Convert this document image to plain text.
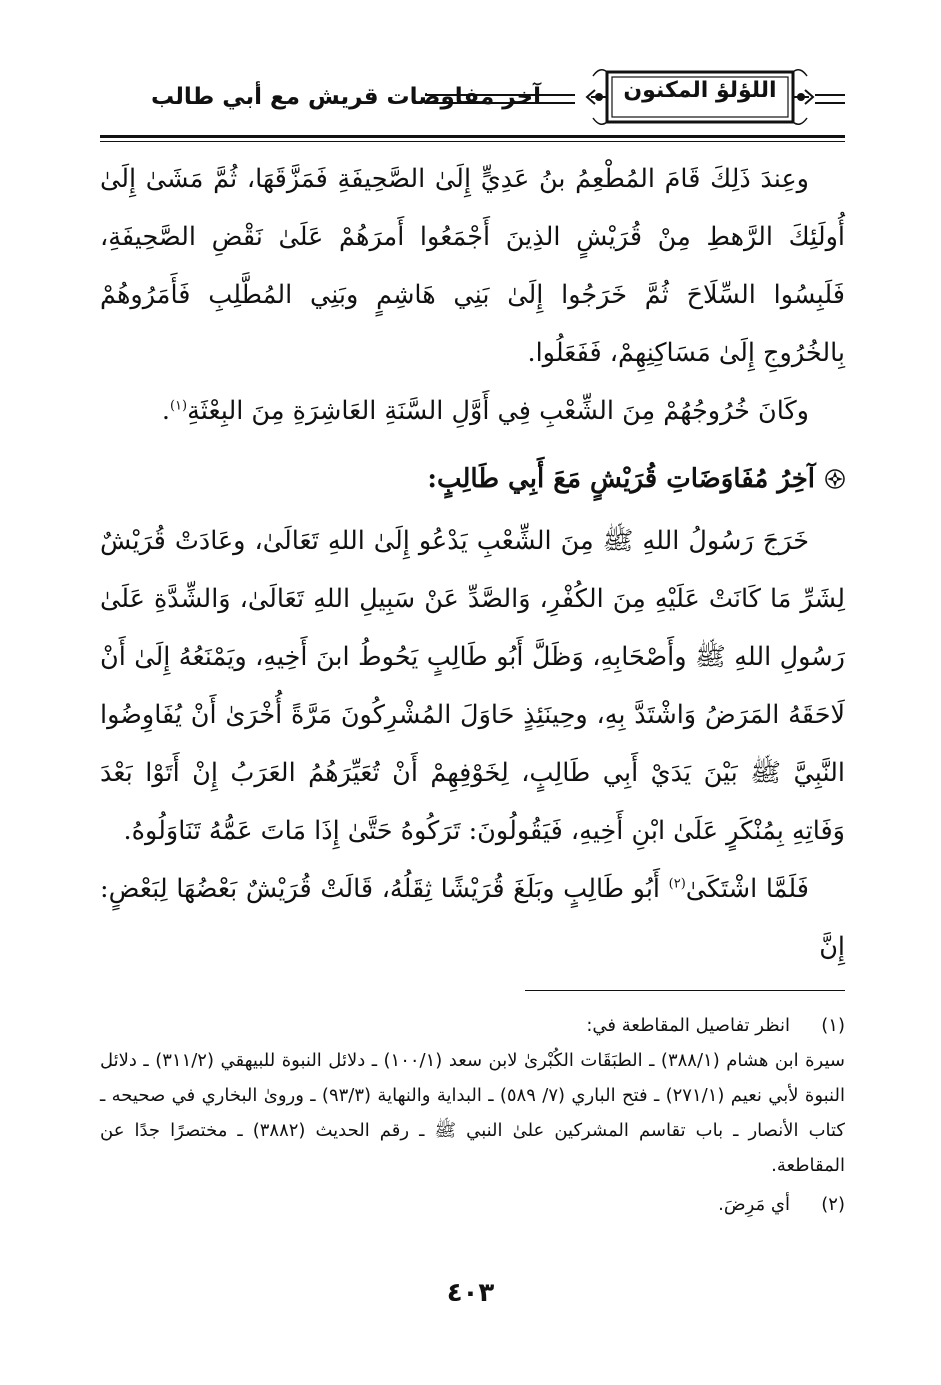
اللؤلؤ المكنون
آخر مفاوضات قريش مع أبي طالب

وعِندَ ذَلِكَ قَامَ المُطْعِمُ بنُ عَدِيٍّ إِلَىٰ الصَّحِيفَةِ فَمَزَّقَهَا، ثُمَّ مَشَىٰ إِلَىٰ أُولَئِكَ الرَّهطِ مِنْ قُرَيْشٍ الذِينَ أَجْمَعُوا أَمرَهُمْ عَلَىٰ نَقْضِ الصَّحِيفَةِ، فَلَبِسُوا السِّلَاحَ ثُمَّ خَرَجُوا إِلَىٰ بَنِي هَاشِمٍ وبَنِي المُطَّلِبِ فَأَمَرُوهُمْ بِالخُرُوجِ إِلَىٰ مَسَاكِنِهِمْ، فَفَعَلُوا.

وكَانَ خُرُوجُهُمْ مِنَ الشِّعْبِ فِي أَوَّلِ السَّنَةِ العَاشِرَةِ مِنَ البِعْثَةِ$^{(١)}$.

آخِرُ مُفَاوَضَاتِ قُرَيْشٍ مَعَ أَبِي طَالِبٍ:

خَرَجَ رَسُولُ اللهِ ﷺ مِنَ الشِّعْبِ يَدْعُو إِلَىٰ اللهِ تَعَالَىٰ، وعَادَتْ قُرَيْشٌ لِشَرِّ مَا كَانَتْ عَلَيْهِ مِنَ الكُفْرِ، وَالصَّدِّ عَنْ سَبِيلِ اللهِ تَعَالَىٰ، وَالشِّدَّةِ عَلَىٰ رَسُولِ اللهِ ﷺ وأَصْحَابِهِ، وَظَلَّ أَبُو طَالِبٍ يَحُوطُ ابنَ أَخِيهِ، ويَمْنَعُهُ إِلَىٰ أَنْ لَاحَقَهُ المَرَضُ وَاشْتَدَّ بِهِ، وحِينَئِذٍ حَاوَلَ المُشْرِكُونَ مَرَّةً أُخْرَىٰ أَنْ يُفَاوِضُوا النَّبِيَّ ﷺ بَيْنَ يَدَيْ أَبِي طَالِبٍ، لِخَوْفِهِمْ أَنْ تُعَيِّرَهُمُ العَرَبُ إِنْ أَتَوْا بَعْدَ وَفَاتِهِ بِمُنْكَرٍ عَلَىٰ ابْنِ أَخِيهِ، فَيَقُولُونَ: تَرَكُوهُ حَتَّىٰ إِذَا مَاتَ عَمُّهُ تَنَاوَلُوهُ.

فَلَمَّا اشْتَكَىٰ$^{(٢)}$ أَبُو طَالِبٍ وبَلَغَ قُرَيْشًا ثِقَلُهُ، قَالَتْ قُرَيْشٌ بَعْضُهَا لِبَعْضٍ: إِنَّ

(١)

انظر تفاصيل المقاطعة في:

سيرة ابن هشام (٣٨٨/١) ـ الطبَقَات الكُبْرىٰ لابن سعد (١٠٠/١) ـ دلائل النبوة للبيهقي (٣١١/٢) ـ دلائل النبوة لأبي نعيم (٢٧١/١) ـ فتح الباري (٧/ ٥٨٩) ـ البداية والنهاية (٩٣/٣) ـ وروىٰ البخاري في صحيحه ـ كتاب الأنصار ـ باب تقاسم المشركين علىٰ النبي ﷺ ـ رقم الحديث (٣٨٨٢) ـ مختصرًا جدًا عن المقاطعة.
(٢)
أي مَرِضَ.
٤٠٣
